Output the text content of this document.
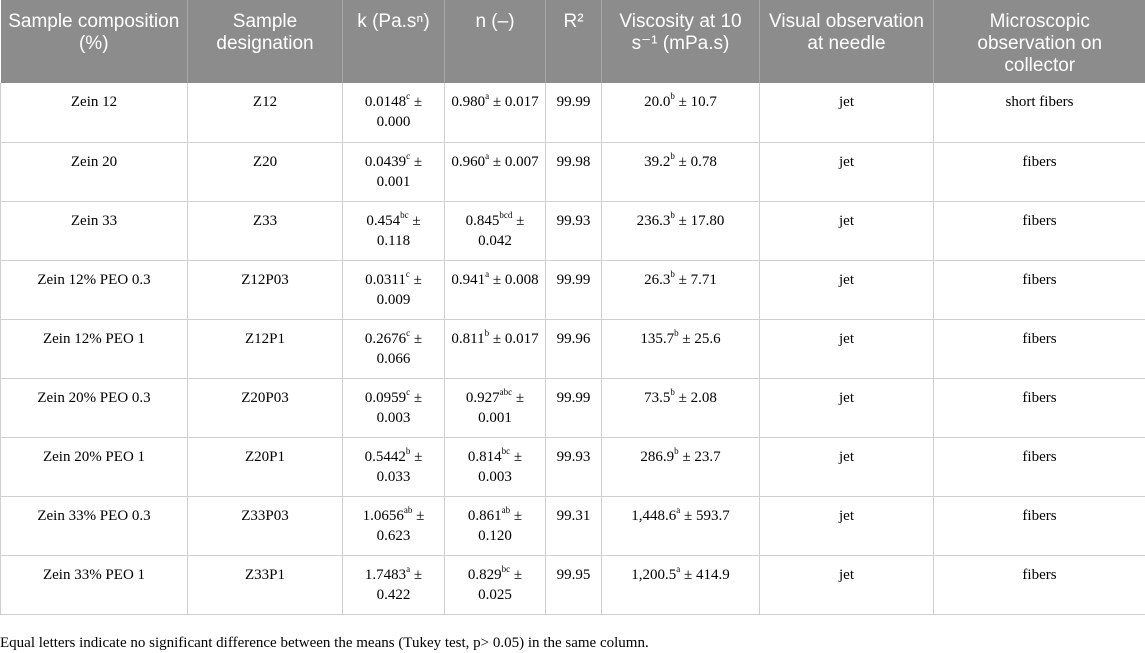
Sample composition (%)	Sample designation	k (Pa.sⁿ)	n (–)	R²	Viscosity at 10 s⁻¹ (mPa.s)	Visual observation at needle	Microscopic observation on collector
Zein 12	Z12	0.0148$^c$ ± 0.000	0.980$^a$ ± 0.017	99.99	20.0$^b$ ± 10.7	jet	short fibers
Zein 20	Z20	0.0439$^c$ ± 0.001	0.960$^a$ ± 0.007	99.98	39.2$^b$ ± 0.78	jet	fibers
Zein 33	Z33	0.454$^{bc}$ ± 0.118	0.845$^{bcd}$ ± 0.042	99.93	236.3$^b$ ± 17.80	jet	fibers
Zein 12% PEO 0.3	Z12P03	0.0311$^c$ ± 0.009	0.941$^a$ ± 0.008	99.99	26.3$^b$ ± 7.71	jet	fibers
Zein 12% PEO 1	Z12P1	0.2676$^c$ ± 0.066	0.811$^b$ ± 0.017	99.96	135.7$^b$ ± 25.6	jet	fibers
Zein 20% PEO 0.3	Z20P03	0.0959$^c$ ± 0.003	0.927$^{abc}$ ± 0.001	99.99	73.5$^b$ ± 2.08	jet	fibers
Zein 20% PEO 1	Z20P1	0.5442$^b$ ± 0.033	0.814$^{bc}$ ± 0.003	99.93	286.9$^b$ ± 23.7	jet	fibers
Zein 33% PEO 0.3	Z33P03	1.0656$^{ab}$ ± 0.623	0.861$^{ab}$ ± 0.120	99.31	1,448.6$^a$ ± 593.7	jet	fibers
Zein 33% PEO 1	Z33P1	1.7483$^a$ ± 0.422	0.829$^{bc}$ ± 0.025	99.95	1,200.5$^a$ ± 414.9	jet	fibers
Equal letters indicate no significant difference between the means (Tukey test, p> 0.05) in the same column.
